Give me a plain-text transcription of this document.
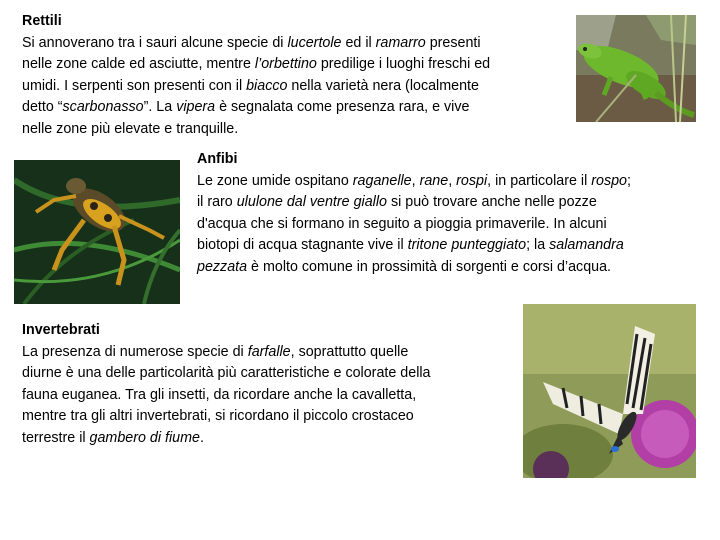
Rettili

Si annoverano tra i sauri alcune specie di lucertole ed il ramarro presenti

nelle zone calde ed asciutte, mentre l’orbettino predilige i luoghi freschi ed

umidi. I serpenti son presenti con il biacco nella varietà nera (localmente

detto “scarbonasso”. La vipera è segnalata come presenza rara, e vive

nelle zone più elevate e tranquille.

Anfibi

Le zone umide ospitano raganelle, rane, rospi, in particolare il rospo;

il raro ululone dal ventre giallo si può trovare anche nelle pozze

d'acqua che si formano in seguito a pioggia primaverile. In alcuni

biotopi di acqua stagnante vive il tritone punteggiato; la salamandra

pezzata è molto comune in prossimità di sorgenti e corsi d’acqua.

Invertebrati

La presenza di numerose specie di farfalle, soprattutto quelle

diurne è una delle particolarità più caratteristiche e colorate della

fauna euganea. Tra gli insetti, da ricordare anche la cavalletta,

mentre tra gli altri invertebrati, si ricordano il piccolo crostaceo

terrestre il gambero di fiume.
